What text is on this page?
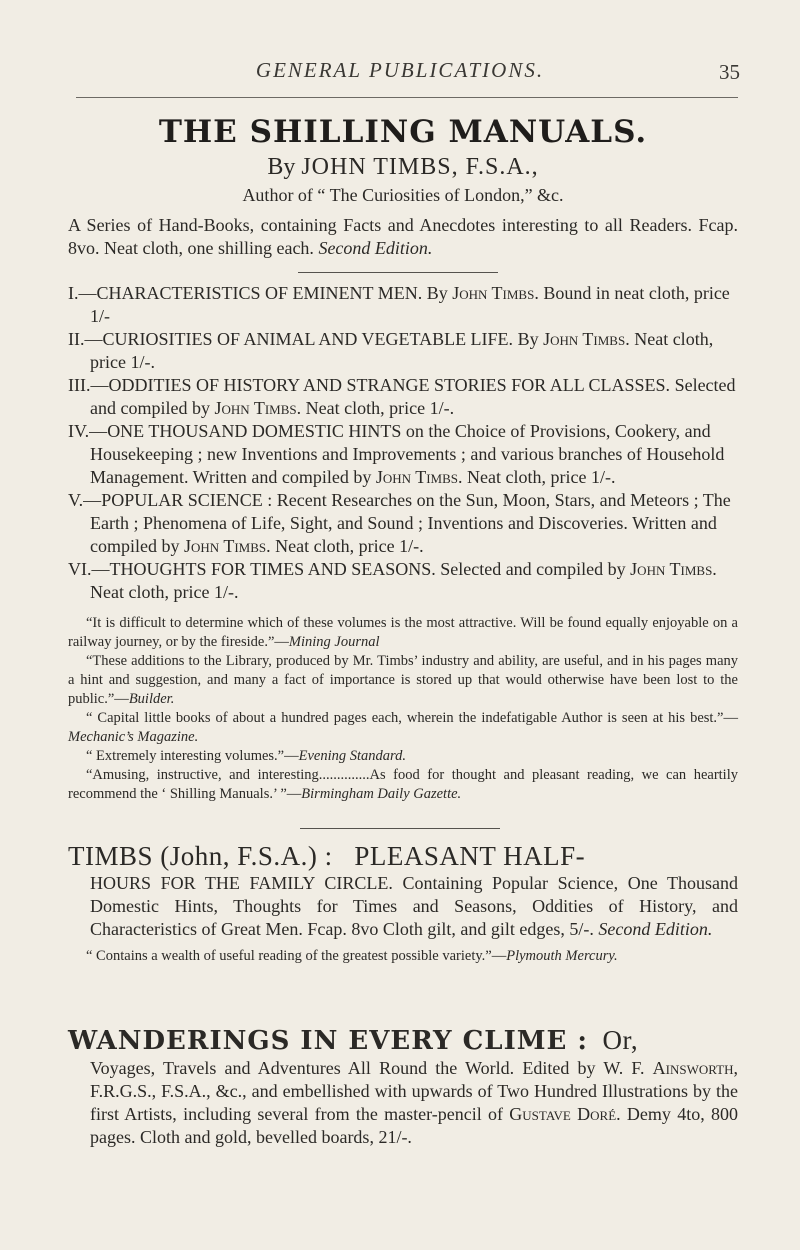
GENERAL PUBLICATIONS.	35
THE SHILLING MANUALS.
By JOHN TIMBS, F.S.A.,
Author of “ The Curiosities of London,” &c.
A Series of Hand-Books, containing Facts and Anecdotes interesting to all Readers. Fcap. 8vo. Neat cloth, one shilling each. Second Edition.

I.—CHARACTERISTICS OF EMINENT MEN. By John Timbs. Bound in neat cloth, price 1/-

II.—CURIOSITIES OF ANIMAL AND VEGETABLE LIFE. By John Timbs. Neat cloth, price 1/-.

III.—ODDITIES OF HISTORY AND STRANGE STORIES FOR ALL CLASSES. Selected and compiled by John Timbs. Neat cloth, price 1/-.

IV.—ONE THOUSAND DOMESTIC HINTS on the Choice of Provisions, Cookery, and Housekeeping ; new Inventions and Improvements ; and various branches of Household Management. Written and compiled by John Timbs. Neat cloth, price 1/-.

V.—POPULAR SCIENCE : Recent Researches on the Sun, Moon, Stars, and Meteors ; The Earth ; Phenomena of Life, Sight, and Sound ; Inventions and Discoveries. Written and compiled by John Timbs. Neat cloth, price 1/-.

VI.—THOUGHTS FOR TIMES AND SEASONS. Selected and compiled by John Timbs. Neat cloth, price 1/-.

“It is difficult to determine which of these volumes is the most attractive. Will be found equally enjoyable on a railway journey, or by the fireside.”—Mining Journal

“These additions to the Library, produced by Mr. Timbs’ industry and ability, are useful, and in his pages many a hint and suggestion, and many a fact of importance is stored up that would otherwise have been lost to the public.”—Builder.

“ Capital little books of about a hundred pages each, wherein the indefatigable Author is seen at his best.”—Mechanic’s Magazine.

“ Extremely interesting volumes.”—Evening Standard.

“Amusing, instructive, and interesting..............As food for thought and pleasant reading, we can heartily recommend the ‘ Shilling Manuals.’ ”—Birmingham Daily Gazette.

TIMBS (John, F.S.A.) : PLEASANT HALF-
HOURS FOR THE FAMILY CIRCLE. Containing Popular Science, One Thousand Domestic Hints, Thoughts for Times and Seasons, Oddities of History, and Characteristics of Great Men. Fcap. 8vo Cloth gilt, and gilt edges, 5/-. Second Edition.

“ Contains a wealth of useful reading of the greatest possible variety.”—Plymouth Mercury.

WANDERINGS IN EVERY CLIME : Or,
Voyages, Travels and Adventures All Round the World. Edited by W. F. Ainsworth, F.R.G.S., F.S.A., &c., and embellished with upwards of Two Hundred Illustrations by the first Artists, including several from the master-pencil of Gustave Doré. Demy 4to, 800 pages. Cloth and gold, bevelled boards, 21/-.
